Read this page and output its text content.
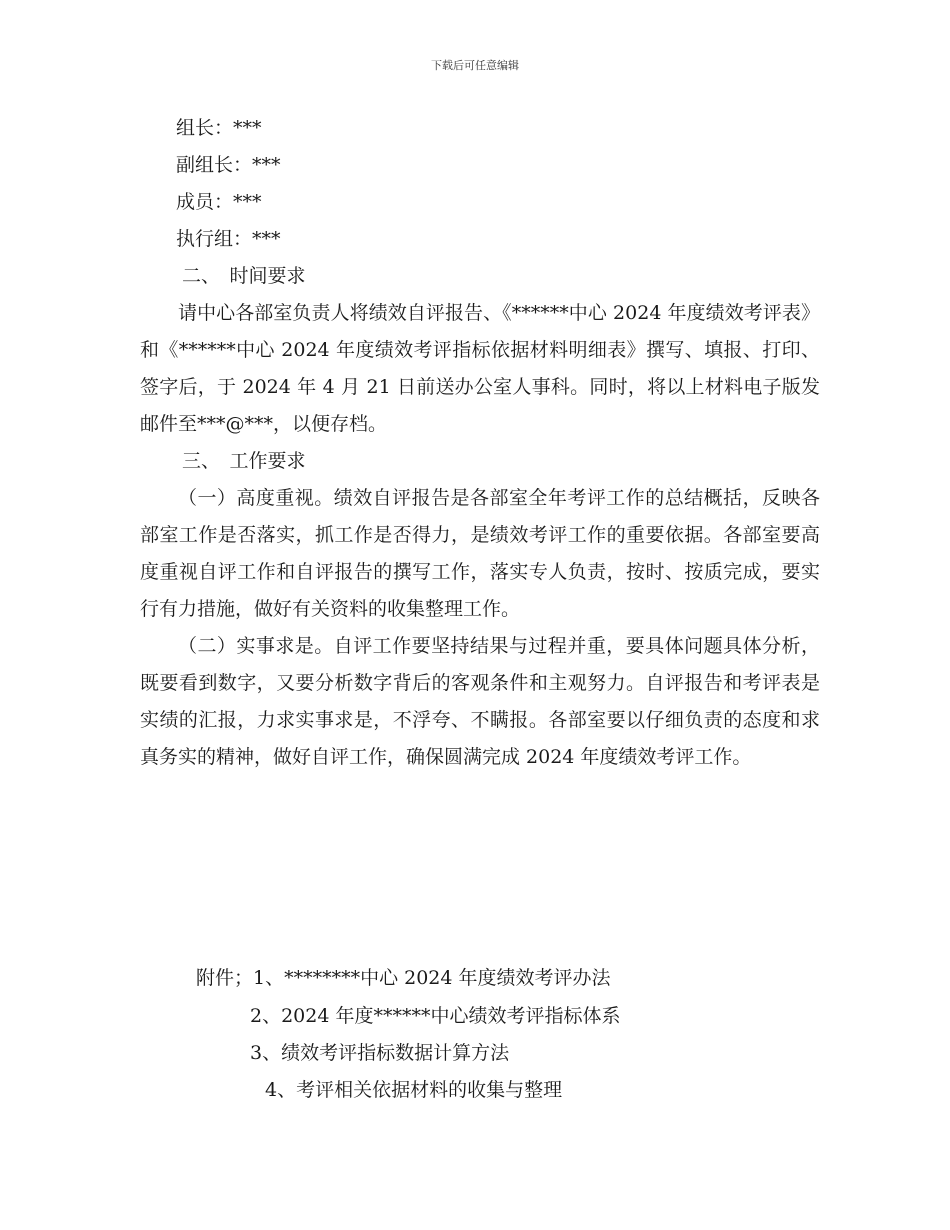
下载后可任意编辑

组长：***

副组长：***

成员：***

执行组：***

二、　时间要求

请中心各部室负责人将绩效自评报告、《******中心 2024 年度绩效考评表》和《******中心 2024 年度绩效考评指标依据材料明细表》撰写、填报、打印、签字后，于 2024 年 4 月 21 日前送办公室人事科。同时，将以上材料电子版发邮件至***@***，以便存档。

三、　工作要求

（一）高度重视。绩效自评报告是各部室全年考评工作的总结概括，反映各部室工作是否落实，抓工作是否得力，是绩效考评工作的重要依据。各部室要高度重视自评工作和自评报告的撰写工作，落实专人负责，按时、按质完成，要实行有力措施，做好有关资料的收集整理工作。

（二）实事求是。自评工作要坚持结果与过程并重，要具体问题具体分析，既要看到数字，又要分析数字背后的客观条件和主观努力。自评报告和考评表是实绩的汇报，力求实事求是，不浮夸、不瞒报。各部室要以仔细负责的态度和求真务实的精神，做好自评工作，确保圆满完成 2024 年度绩效考评工作。

附件；1、********中心 2024 年度绩效考评办法
2、2024 年度******中心绩效考评指标体系
3、绩效考评指标数据计算方法
4、考评相关依据材料的收集与整理
